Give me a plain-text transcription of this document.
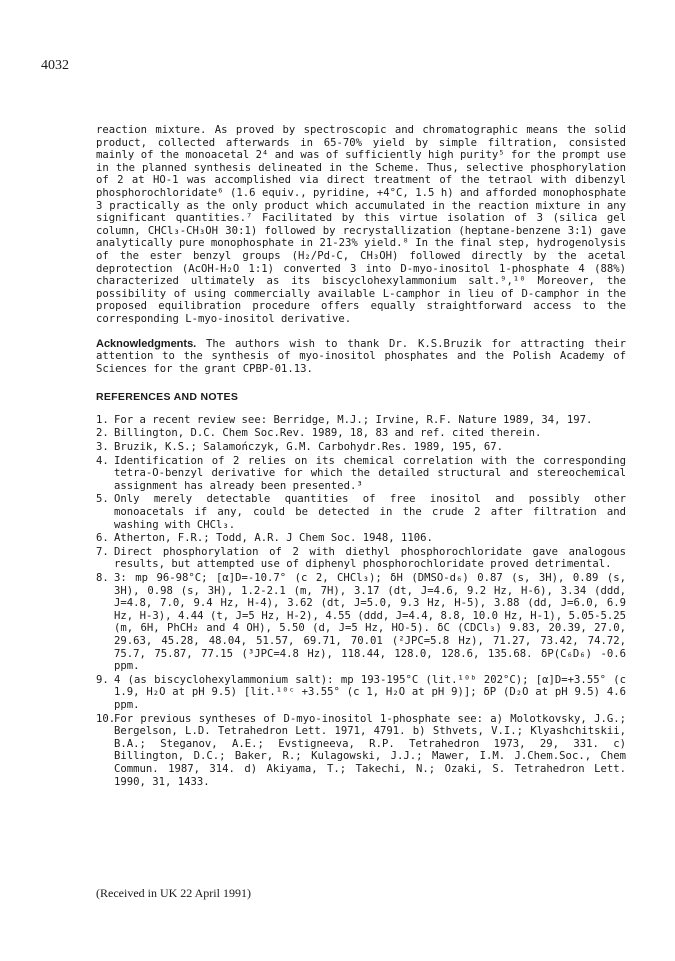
4032

reaction mixture. As proved by spectroscopic and chromatographic means the solid product, collected afterwards in 65-70% yield by simple filtration, consisted mainly of the monoacetal 2⁴ and was of sufficiently high purity⁵ for the prompt use in the planned synthesis delineated in the Scheme. Thus, selective phosphorylation of 2 at HO-1 was accomplished via direct treatment of the tetraol with dibenzyl phosphorochloridate⁶ (1.6 equiv., pyridine, +4°C, 1.5 h) and afforded monophosphate 3 practically as the only product which accumulated in the reaction mixture in any significant quantities.⁷ Facilitated by this virtue isolation of 3 (silica gel column, CHCl₃-CH₃OH 30:1) followed by recrystallization (heptane-benzene 3:1) gave analytically pure monophosphate in 21-23% yield.⁸ In the final step, hydrogenolysis of the ester benzyl groups (H₂/Pd-C, CH₃OH) followed directly by the acetal deprotection (AcOH-H₂O 1:1) converted 3 into D-myo-inositol 1-phosphate 4 (88%) characterized ultimately as its biscyclohexylammonium salt.⁹,¹⁰ Moreover, the possibility of using commercially available L-camphor in lieu of D-camphor in the proposed equilibration procedure offers equally straightforward access to the corresponding L-myo-inositol derivative.

Acknowledgments. The authors wish to thank Dr. K.S.Bruzik for attracting their attention to the synthesis of myo-inositol phosphates and the Polish Academy of Sciences for the grant CPBP-01.13.

REFERENCES AND NOTES
1. For a recent review see: Berridge, M.J.; Irvine, R.F. Nature 1989, 34, 197.
2. Billington, D.C. Chem Soc.Rev. 1989, 18, 83 and ref. cited therein.
3. Bruzik, K.S.; Salamończyk, G.M. Carbohydr.Res. 1989, 195, 67.
4. Identification of 2 relies on its chemical correlation with the corresponding tetra-O-benzyl derivative for which the detailed structural and stereochemical assignment has already been presented.³
5. Only merely detectable quantities of free inositol and possibly other monoacetals if any, could be detected in the crude 2 after filtration and washing with CHCl₃.
6. Atherton, F.R.; Todd, A.R. J Chem Soc. 1948, 1106.
7. Direct phosphorylation of 2 with diethyl phosphorochloridate gave analogous results, but attempted use of diphenyl phosphorochloridate proved detrimental.
8. 3: mp 96-98°C; [α]D=-10.7° (c 2, CHCl₃); δH (DMSO-d₆) 0.87 (s, 3H), 0.89 (s, 3H), 0.98 (s, 3H), 1.2-2.1 (m, 7H), 3.17 (dt, J=4.6, 9.2 Hz, H-6), 3.34 (ddd, J=4.8, 7.0, 9.4 Hz, H-4), 3.62 (dt, J=5.0, 9.3 Hz, H-5), 3.88 (dd, J=6.0, 6.9 Hz, H-3), 4.44 (t, J=5 Hz, H-2), 4.55 (ddd, J=4.4, 8.8, 10.0 Hz, H-1), 5.05-5.25 (m, 6H, PhCH₂ and 4 OH), 5.50 (d, J=5 Hz, HO-5). δC (CDCl₃) 9.83, 20.39, 27.0, 29.63, 45.28, 48.04, 51.57, 69.71, 70.01 (²JPC=5.8 Hz), 71.27, 73.42, 74.72, 75.7, 75.87, 77.15 (³JPC=4.8 Hz), 118.44, 128.0, 128.6, 135.68. δP(C₆D₆) -0.6 ppm.
9. 4 (as biscyclohexylammonium salt): mp 193-195°C (lit.¹⁰ᵇ 202°C); [α]D=+3.55° (c 1.9, H₂O at pH 9.5) [lit.¹⁰ᶜ +3.55° (c 1, H₂O at pH 9)]; δP (D₂O at pH 9.5) 4.6 ppm.
10.
For previous syntheses of D-myo-inositol 1-phosphate see: a) Molotkovsky, J.G.; Bergelson, L.D. Tetrahedron Lett. 1971, 4791. b) Sthvets, V.I.; Klyashchitskii, B.A.; Steganov, A.E.; Evstigneeva, R.P. Tetrahedron 1973, 29, 331. c) Billington, D.C.; Baker, R.; Kulagowski, J.J.; Mawer, I.M. J.Chem.Soc., Chem Commun. 1987, 314. d) Akiyama, T.; Takechi, N.; Ozaki, S. Tetrahedron Lett. 1990, 31, 1433.
(Received in UK 22 April 1991)
